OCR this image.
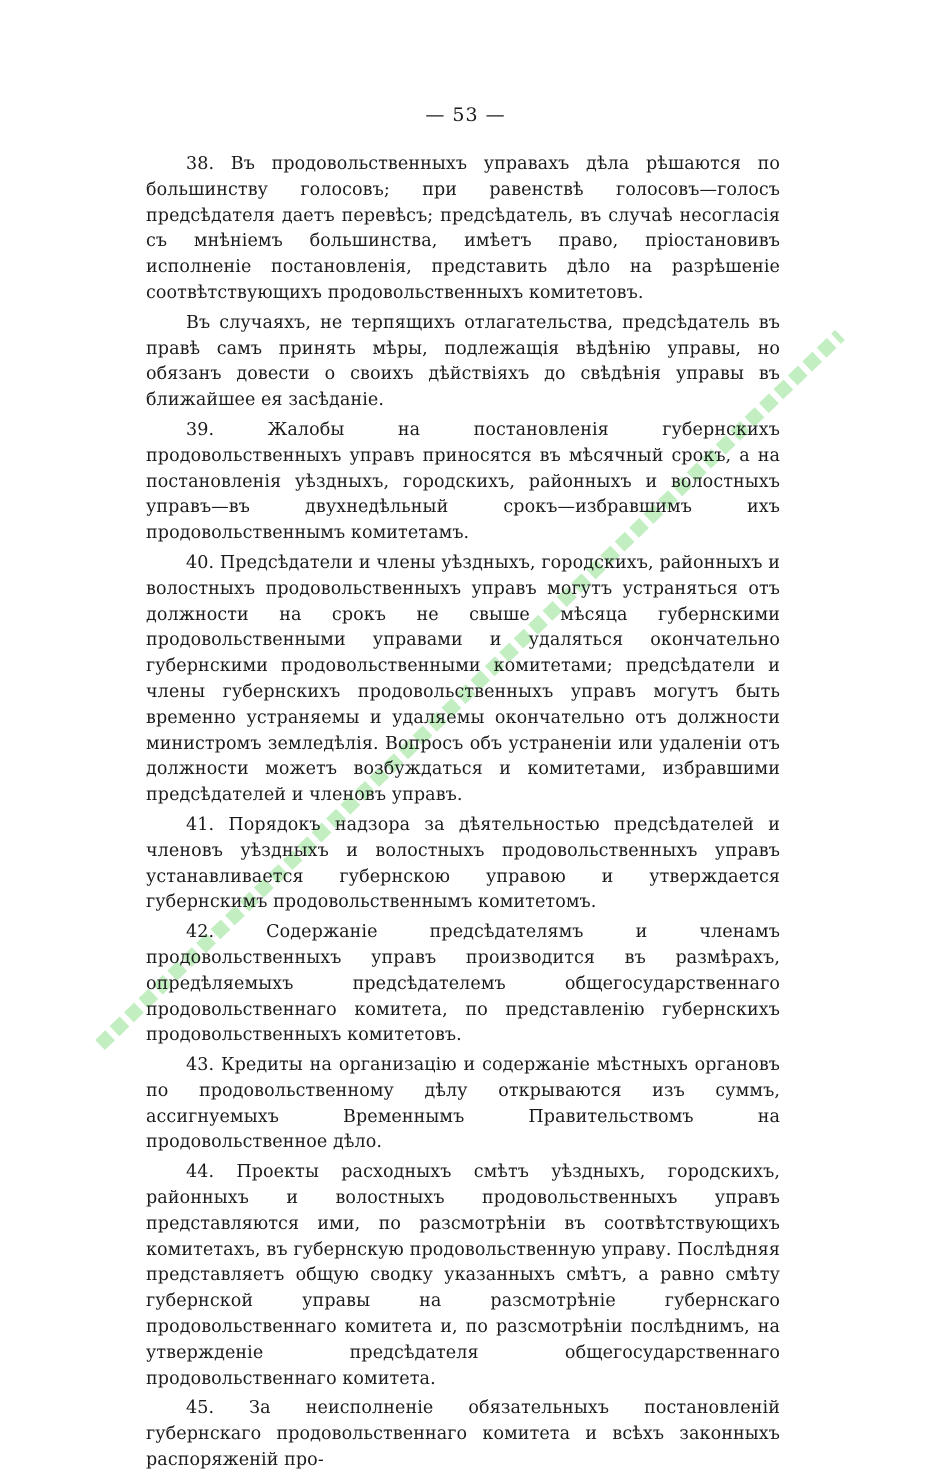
— 53 —

38. Въ продовольственныхъ управахъ дѣла рѣшаются по большинству голосовъ; при равенствѣ голосовъ—голосъ предсѣдателя даетъ перевѣсъ; предсѣдатель, въ случаѣ несогласія съ мнѣніемъ большинства, имѣетъ право, пріостановивъ исполненіе постановленія, представить дѣло на разрѣшеніе соотвѣтствующихъ продовольственныхъ комитетовъ.

Въ случаяхъ, не терпящихъ отлагательства, предсѣдатель въ правѣ самъ принять мѣры, подлежащія вѣдѣнію управы, но обязанъ довести о своихъ дѣйствіяхъ до свѣдѣнія управы въ ближайшее ея засѣданіе.

39. Жалобы на постановленія губернскихъ продовольственныхъ управъ приносятся въ мѣсячный срокъ, а на постановленія уѣздныхъ, городскихъ, районныхъ и волостныхъ управъ—въ двухнедѣльный срокъ—избравшимъ ихъ продовольственнымъ комитетамъ.

40. Предсѣдатели и члены уѣздныхъ, городскихъ, районныхъ и волостныхъ продовольственныхъ управъ могутъ устраняться отъ должности на срокъ не свыше мѣсяца губернскими продовольственными управами и удаляться окончательно губернскими продовольственными комитетами; предсѣдатели и члены губернскихъ продовольственныхъ управъ могутъ быть временно устраняемы и удаляемы окончательно отъ должности министромъ земледѣлія. Вопросъ объ устраненіи или удаленіи отъ должности можетъ возбуждаться и комитетами, избравшими предсѣдателей и членовъ управъ.

41. Порядокъ надзора за дѣятельностью предсѣдателей и членовъ уѣздныхъ и волостныхъ продовольственныхъ управъ устанавливается губернскою управою и утверждается губернскимъ продовольственнымъ комитетомъ.

42. Содержаніе предсѣдателямъ и членамъ продовольственныхъ управъ производится въ размѣрахъ, опредѣляемыхъ предсѣдателемъ общегосударственнаго продовольственнаго комитета, по представленію губернскихъ продовольственныхъ комитетовъ.

43. Кредиты на организацію и содержаніе мѣстныхъ органовъ по продовольственному дѣлу открываются изъ суммъ, ассигнуемыхъ Временнымъ Правительствомъ на продовольственное дѣло.

44. Проекты расходныхъ смѣтъ уѣздныхъ, городскихъ, районныхъ и волостныхъ продовольственныхъ управъ представляются ими, по разсмотрѣніи въ соотвѣтствующихъ комитетахъ, въ губернскую продовольственную управу. Послѣдняя представляетъ общую сводку указанныхъ смѣтъ, а равно смѣту губернской управы на разсмотрѣніе губернскаго продовольственнаго комитета и, по разсмотрѣніи послѣднимъ, на утвержденіе предсѣдателя общегосударственнаго продовольственнаго комитета.

45. За неисполненіе обязательныхъ постановленій губернскаго продовольственнаго комитета и всѣхъ законныхъ распоряженій про-
